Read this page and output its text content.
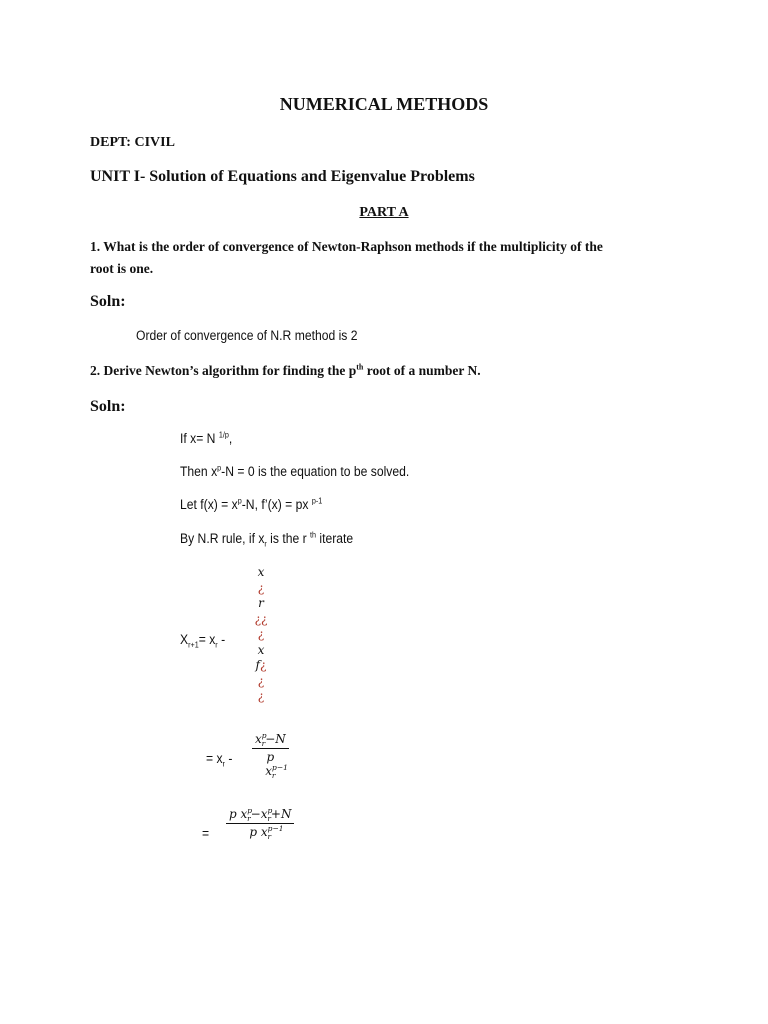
NUMERICAL METHODS
DEPT: CIVIL
UNIT I- Solution of Equations and Eigenvalue Problems
PART A
1. What is the order of convergence of Newton-Raphson methods if the multiplicity of the
root is one.
Soln:
Order of convergence of N.R method is 2
2. Derive Newton’s algorithm for finding the $p^{th}$ root of a number N.
Soln:
If x= N $^{1/p}$,
Then $x^p-N = 0$ is the equation to be solved.
Let $f(x) = x^p-N$, f’(x) = px $^{p-1}$
By N.R rule, if $x_r$ is the r $^{th}$ iterate
$X_{r+1}= x_r$ -
x
¿
r
¿¿
¿
x
f¿
¿
¿
= $x_r$ -
$x^p_r-N$
p $x^{p-1}_r$
=
p $x^p_r-x^p_r+N$
p $x^{p-1}_r$
